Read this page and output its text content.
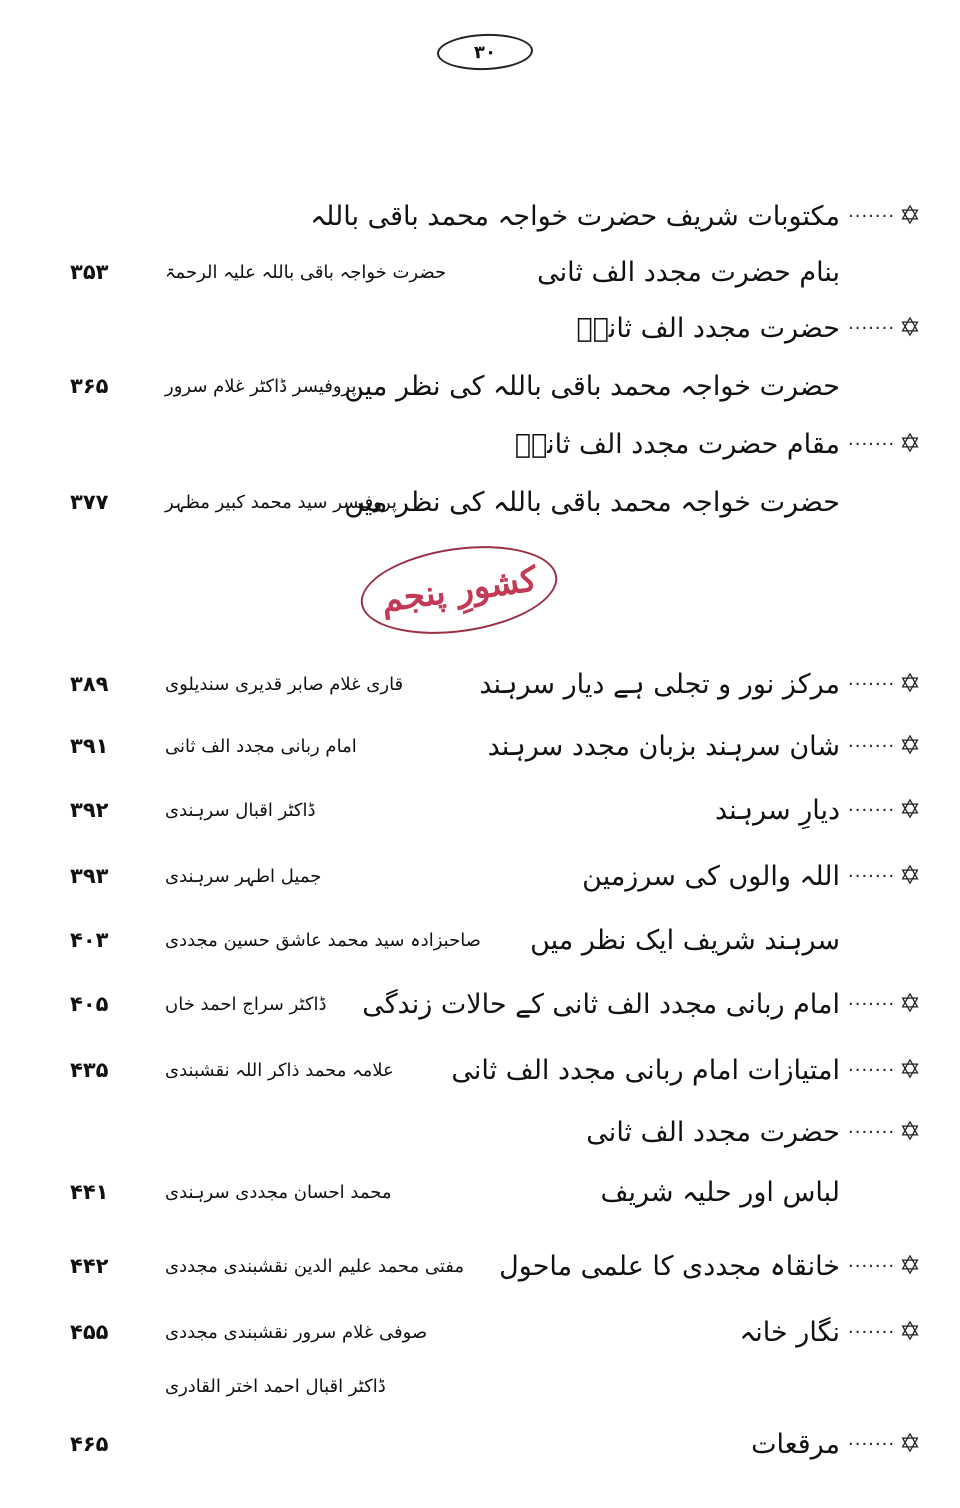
۳۰
کشورِ پنجم
······· ✡
مکتوبات شریف حضرت خواجہ محمد باقی باللہ
بنام حضرت مجدد الف ثانی
حضرت خواجہ باقی باللہ علیہ الرحمۃ
۳۵۳
······· ✡
حضرت مجدد الف ثانیؒ
حضرت خواجہ محمد باقی باللہ کی نظر میں
پروفیسر ڈاکٹر غلام سرور
۳۶۵
······· ✡
مقام حضرت مجدد الف ثانیؒ
حضرت خواجہ محمد باقی باللہ کی نظر میں
پروفیسر سید محمد کبیر مظہر
۳۷۷
······· ✡
مرکز نور و تجلی ہے دیار سرہند
قاری غلام صابر قدیری سندیلوی
۳۸۹
······· ✡
شان سرہند بزبان مجدد سرہند
امام ربانی مجدد الف ثانی
۳۹۱
······· ✡
دیارِ سرہند
ڈاکٹر اقبال سرہندی
۳۹۲
······· ✡
اللہ والوں کی سرزمین
جمیل اطہر سرہندی
۳۹۳
سرہند شریف ایک نظر میں
صاحبزادہ سید محمد عاشق حسین مجددی
۴۰۳
······· ✡
امام ربانی مجدد الف ثانی کے حالات زندگی
ڈاکٹر سراج احمد خاں
۴۰۵
······· ✡
امتیازات امام ربانی مجدد الف ثانی
علامہ محمد ذاکر اللہ نقشبندی
۴۳۵
······· ✡
حضرت مجدد الف ثانی
لباس اور حلیہ شریف
محمد احسان مجددی سرہندی
۴۴۱
······· ✡
خانقاہ مجددی کا علمی ماحول
مفتی محمد علیم الدین نقشبندی مجددی
۴۴۲
······· ✡
نگار خانہ
صوفی غلام سرور نقشبندی مجددی
۴۵۵
ڈاکٹر اقبال احمد اختر القادری
······· ✡
مرقعات
۴۶۵
